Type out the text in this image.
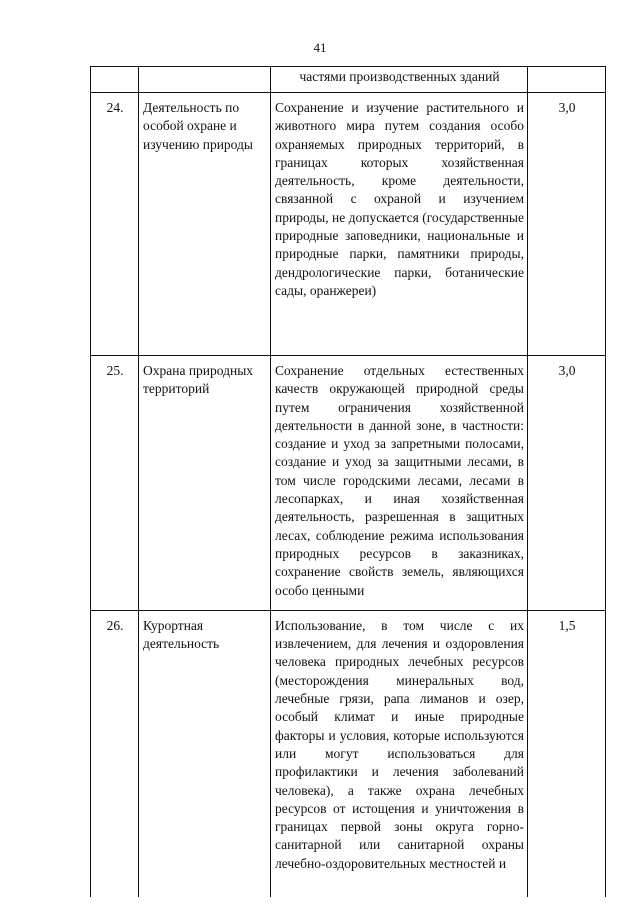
41
		частями производственных зданий	
24.	Деятельность по особой охране и изучению природы	Сохранение и изучение растительного и животного мира путем создания особо охраняемых природных территорий, в границах которых хозяйственная деятельность, кроме деятельности, связанной с охраной и изучением природы, не допускается (государственные природные заповедники, национальные и природные парки, памятники природы, дендрологические парки, ботанические сады, оранжереи)	3,0
25.	Охрана природных территорий	Сохранение отдельных естественных качеств окружающей природной среды путем ограничения хозяйственной деятельности в данной зоне, в частности: создание и уход за запретными полосами, создание и уход за защитными лесами, в том числе городскими лесами, лесами в лесопарках, и иная хозяйственная деятельность, разрешенная в защитных лесах, соблюдение режима использования природных ресурсов в заказниках, сохранение свойств земель, являющихся особо ценными	3,0
26.	Курортная деятельность	Использование, в том числе с их извлечением, для лечения и оздоровления человека природных лечебных ресурсов (месторождения минеральных вод, лечебные грязи, рапа лиманов и озер, особый климат и иные природные факторы и условия, которые используются или могут использоваться для профилактики и лечения заболеваний человека), а также охрана лечебных ресурсов от истощения и уничтожения в границах первой зоны округа горно-санитарной или санитарной охраны лечебно-оздоровительных местностей и	1,5
